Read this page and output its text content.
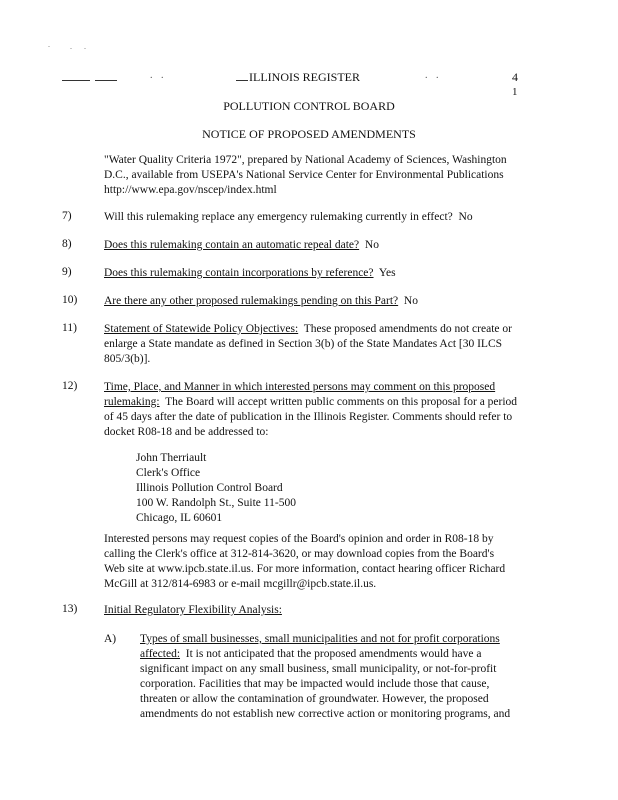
.	. .
. .	ILLINOIS REGISTER	. .	4
1
POLLUTION CONTROL BOARD
NOTICE OF PROPOSED AMENDMENTS
"Water Quality Criteria 1972", prepared by National Academy of Sciences, Washington
D.C., available from USEPA's National Service Center for Environmental Publications
http://www.epa.gov/nscep/index.html
7)	Will this rulemaking replace any emergency rulemaking currently in effect? No
8)	Does this rulemaking contain an automatic repeal date? No
9)	Does this rulemaking contain incorporations by reference? Yes
10) Are there any other proposed rulemakings pending on this Part? No
11) Statement of Statewide Policy Objectives: These proposed amendments do not create or
enlarge a State mandate as defined in Section 3(b) of the State Mandates Act [30 ILCS
805/3(b)].
12) Time, Place, and Manner in which interested persons may comment on this proposed
rulemaking: The Board will accept written public comments on this proposal for a period
of 45 days after the date of publication in the Illinois Register. Comments should refer to
docket R08-18 and be addressed to:
John Therriault
Clerk's Office
Illinois Pollution Control Board
100 W. Randolph St., Suite 11-500
Chicago, IL 60601
Interested persons may request copies of the Board's opinion and order in R08-18 by
calling the Clerk's office at 312-814-3620, or may download copies from the Board's
Web site at www.ipcb.state.il.us. For more information, contact hearing officer Richard
McGill at 312/814-6983 or e-mail mcgillr@ipcb.state.il.us.
13) Initial Regulatory Flexibility Analysis:
A) Types of small businesses, small municipalities and not for profit corporations
affected: It is not anticipated that the proposed amendments would have a
significant impact on any small business, small municipality, or not-for-profit
corporation. Facilities that may be impacted would include those that cause,
threaten or allow the contamination of groundwater. However, the proposed
amendments do not establish new corrective action or monitoring programs, and
